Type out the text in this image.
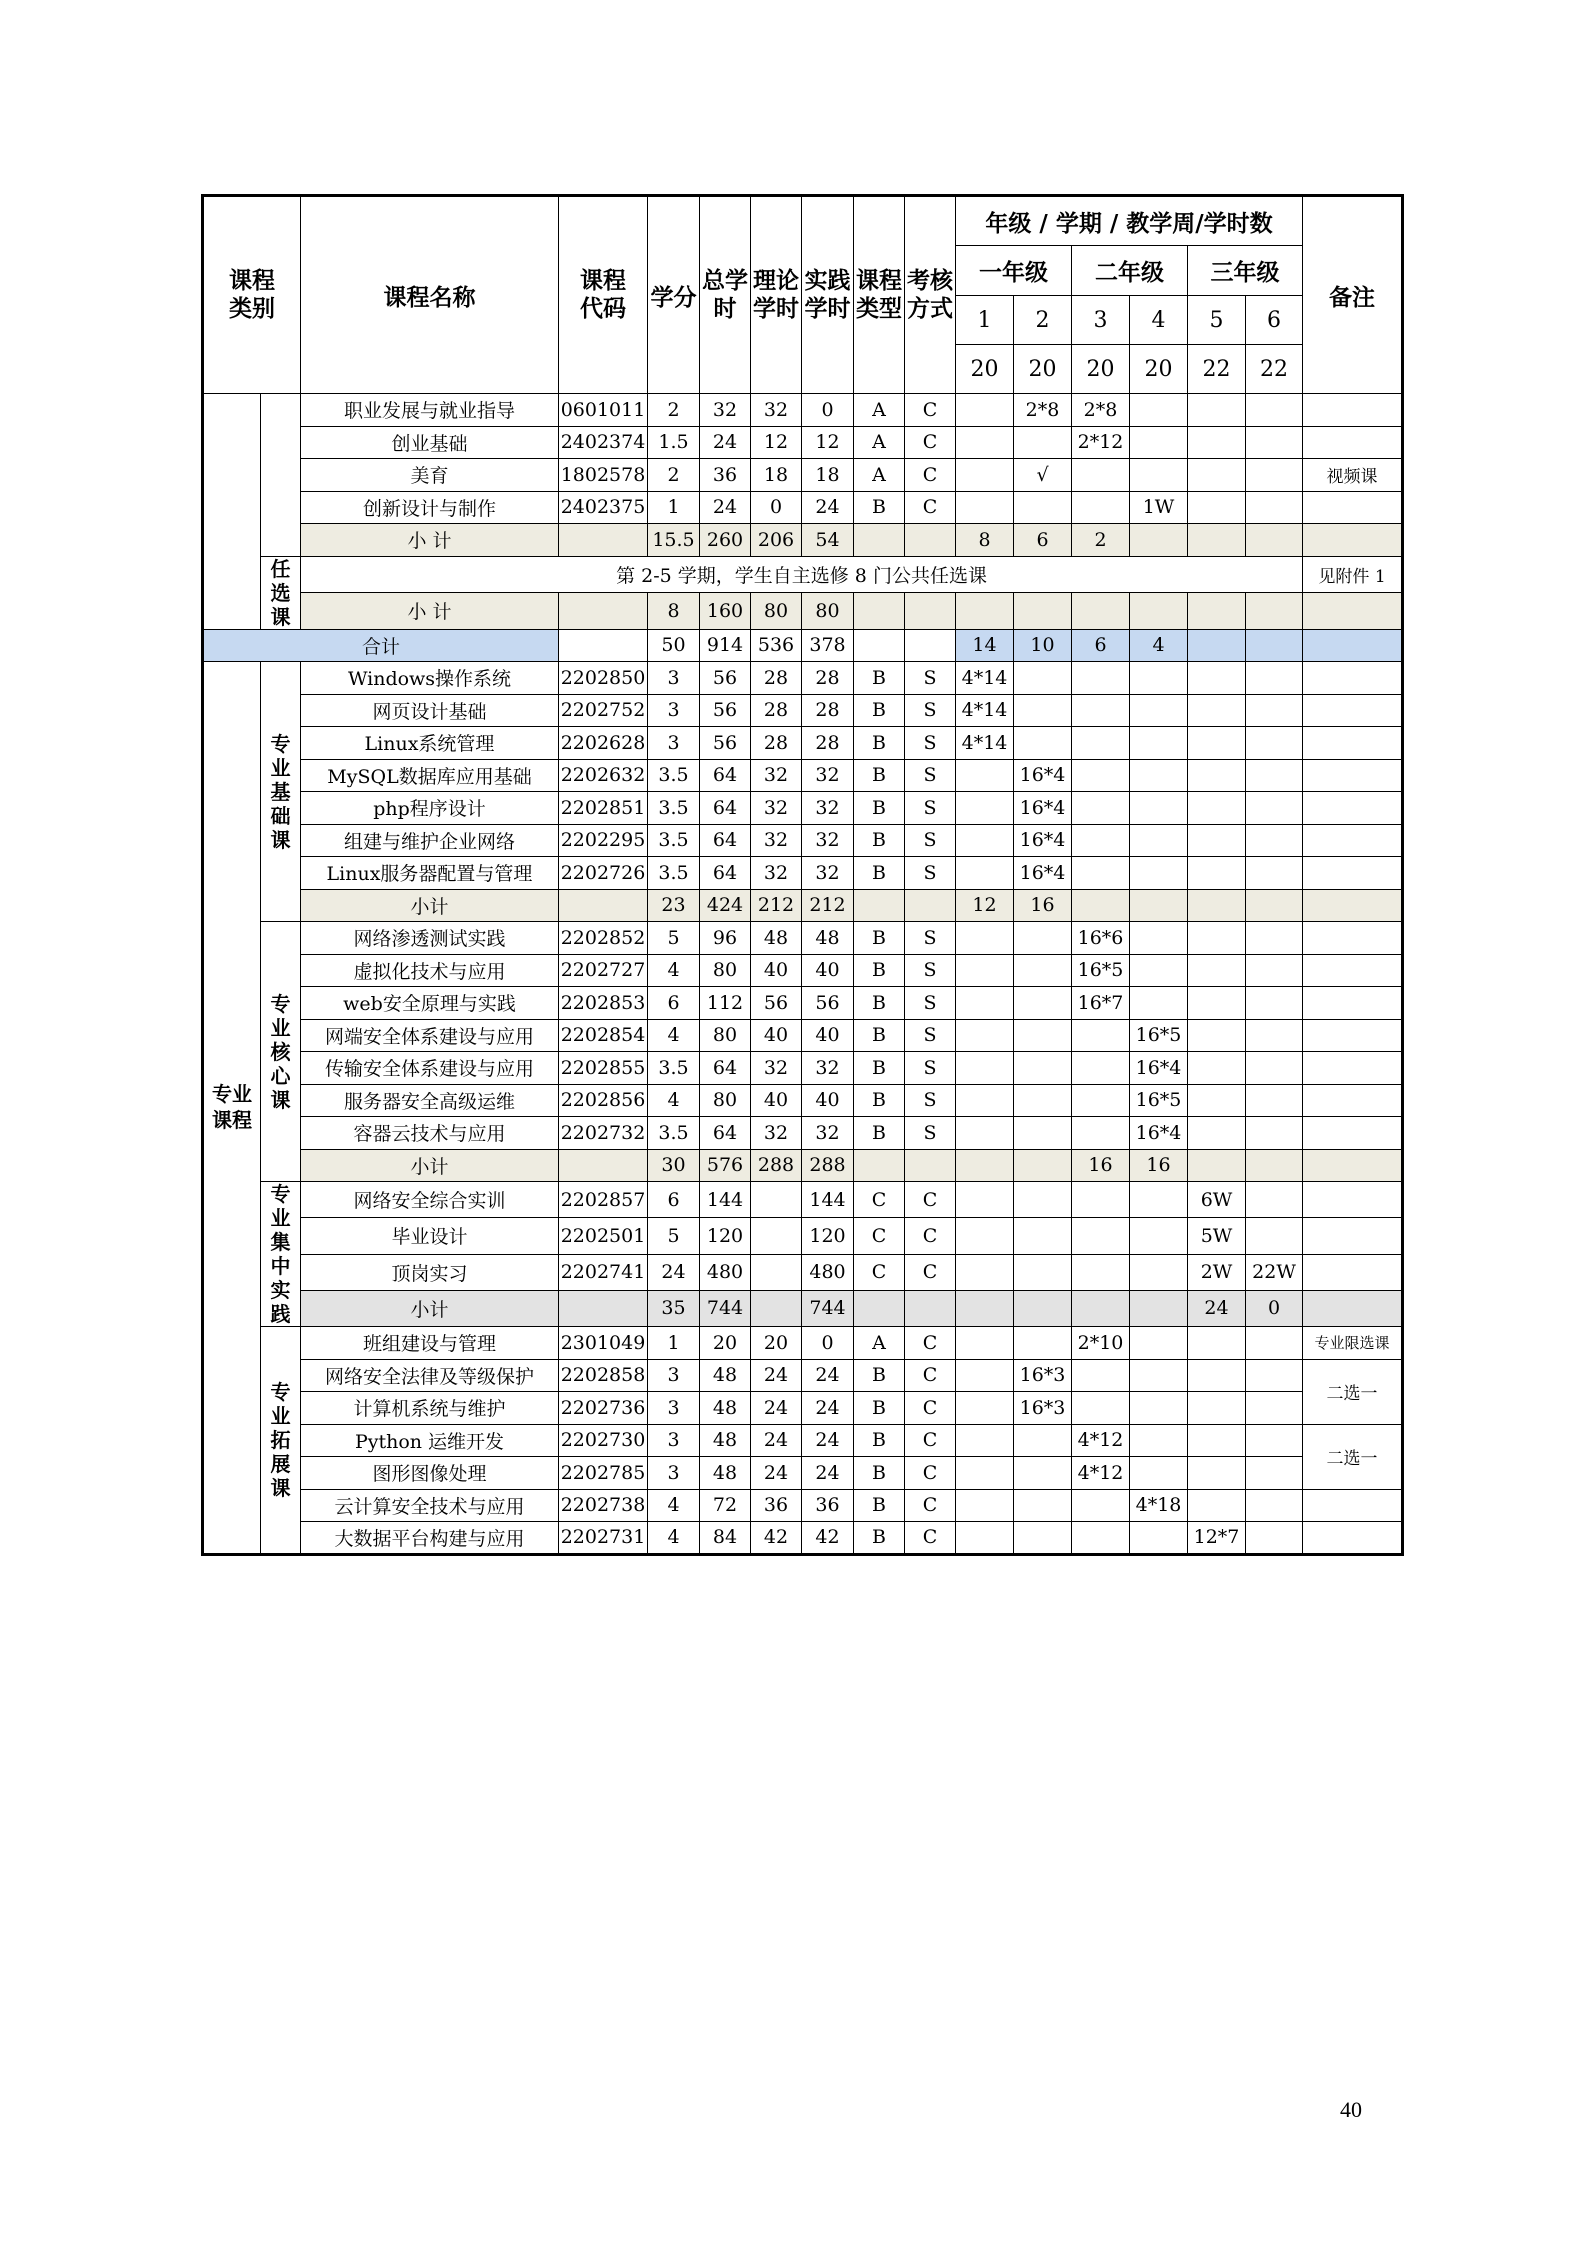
课程类别		课程名称	课程代码	学分	总学时	理论学时	实践学时	课程类型	考核方式	年级 / 学期 / 教学周/学时数						备注
										一年级		二年级		三年级		
										1	2	3	4	5	6	
										20	20	20	20	22	22	
		职业发展与就业指导	0601011	2	32	32	0	A	C		2*8	2*8				
		创业基础	2402374	1.5	24	12	12	A	C			2*12				
		美育	1802578	2	36	18	18	A	C		√					视频课
		创新设计与制作	2402375	1	24	0	24	B	C				1W			
		小 计		15.5	260	206	54			8	6	2				

	任选课	第 2-5 学期，学生自主选修 8 门公共任选课														见附件 1
		小 计		8	160	80	80									
合计				50	914	536	378			14	10	6	4			

专业课程	专业基础课	Windows操作系统	2202850	3	56	28	28	B	S	4*14						
		网页设计基础	2202752	3	56	28	28	B	S	4*14						
		Linux系统管理	2202628	3	56	28	28	B	S	4*14						
		MySQL数据库应用基础	2202632	3.5	64	32	32	B	S		16*4					
		php程序设计	2202851	3.5	64	32	32	B	S		16*4					
		组建与维护企业网络	2202295	3.5	64	32	32	B	S		16*4					
		Linux服务器配置与管理	2202726	3.5	64	32	32	B	S		16*4					
		小计		23	424	212	212			12	16					

	专业核心课	网络渗透测试实践	2202852	5	96	48	48	B	S			16*6				
		虚拟化技术与应用	2202727	4	80	40	40	B	S			16*5				
		web安全原理与实践	2202853	6	112	56	56	B	S			16*7				
		网端安全体系建设与应用	2202854	4	80	40	40	B	S				16*5			
		传输安全体系建设与应用	2202855	3.5	64	32	32	B	S				16*4			
		服务器安全高级运维	2202856	4	80	40	40	B	S				16*5			
		容器云技术与应用	2202732	3.5	64	32	32	B	S				16*4			
		小计		30	576	288	288					16	16			

	专业集中实践	网络安全综合实训	2202857	6	144		144	C	C					6W		
		毕业设计	2202501	5	120		120	C	C					5W		
		顶岗实习	2202741	24	480		480	C	C					2W	22W	
		小计		35	744		744							24	0	

	专业拓展课	班组建设与管理	2301049	1	20	20	0	A	C			2*10				专业限选课
		网络安全法律及等级保护	2202858	3	48	24	24	B	C		16*3					二选一
		计算机系统与维护	2202736	3	48	24	24	B	C		16*3					
		Python 运维开发	2202730	3	48	24	24	B	C			4*12				二选一
		图形图像处理	2202785	3	48	24	24	B	C			4*12				
		云计算安全技术与应用	2202738	4	72	36	36	B	C				4*18			
		大数据平台构建与应用	2202731	4	84	42	42	B	C					12*7		
40
